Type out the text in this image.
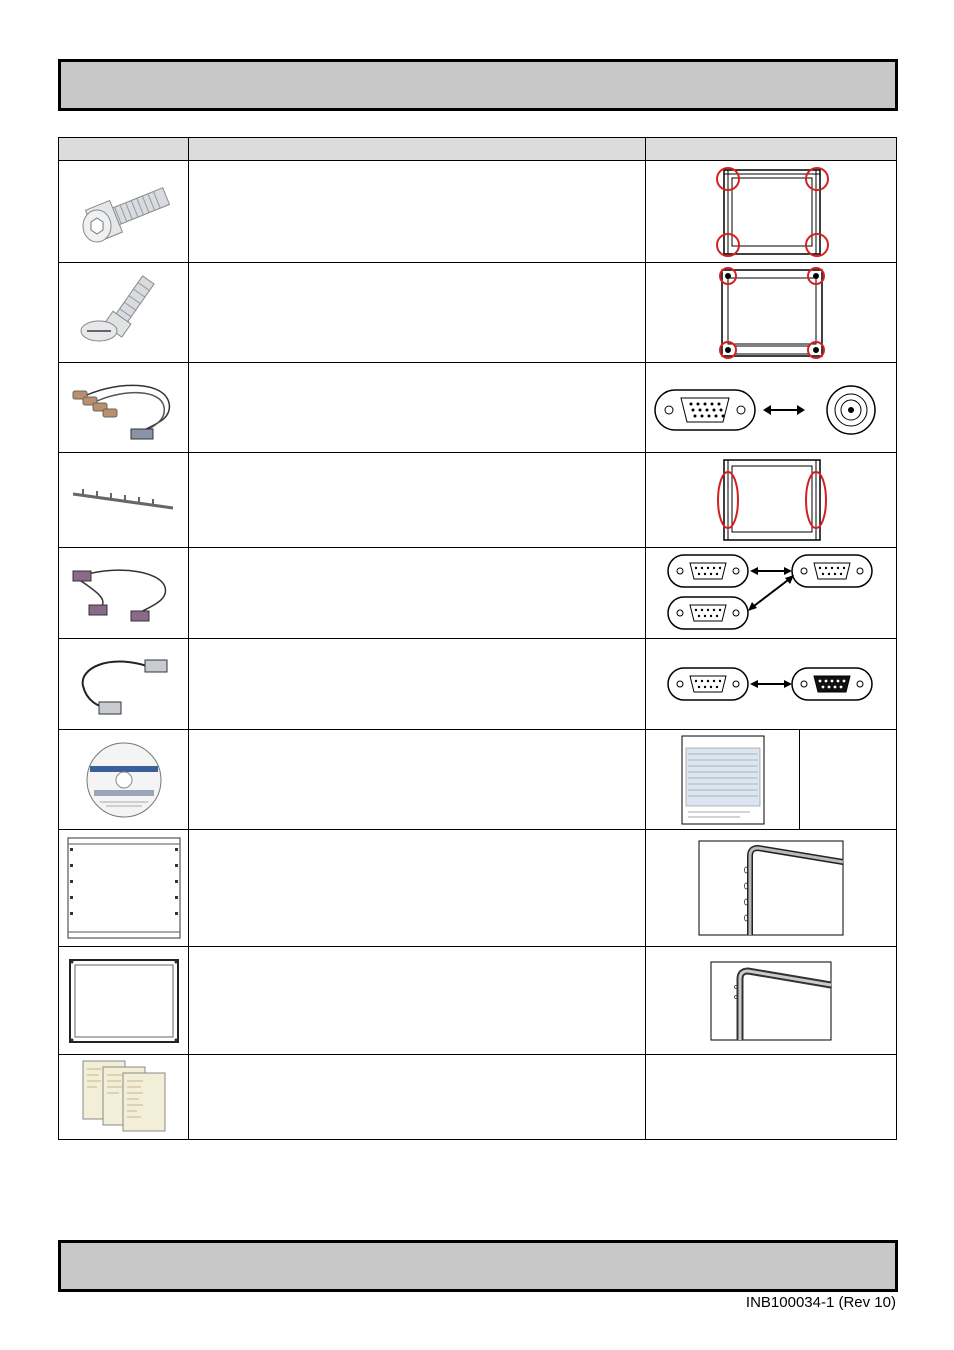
INB100034-1 (Rev 10)
